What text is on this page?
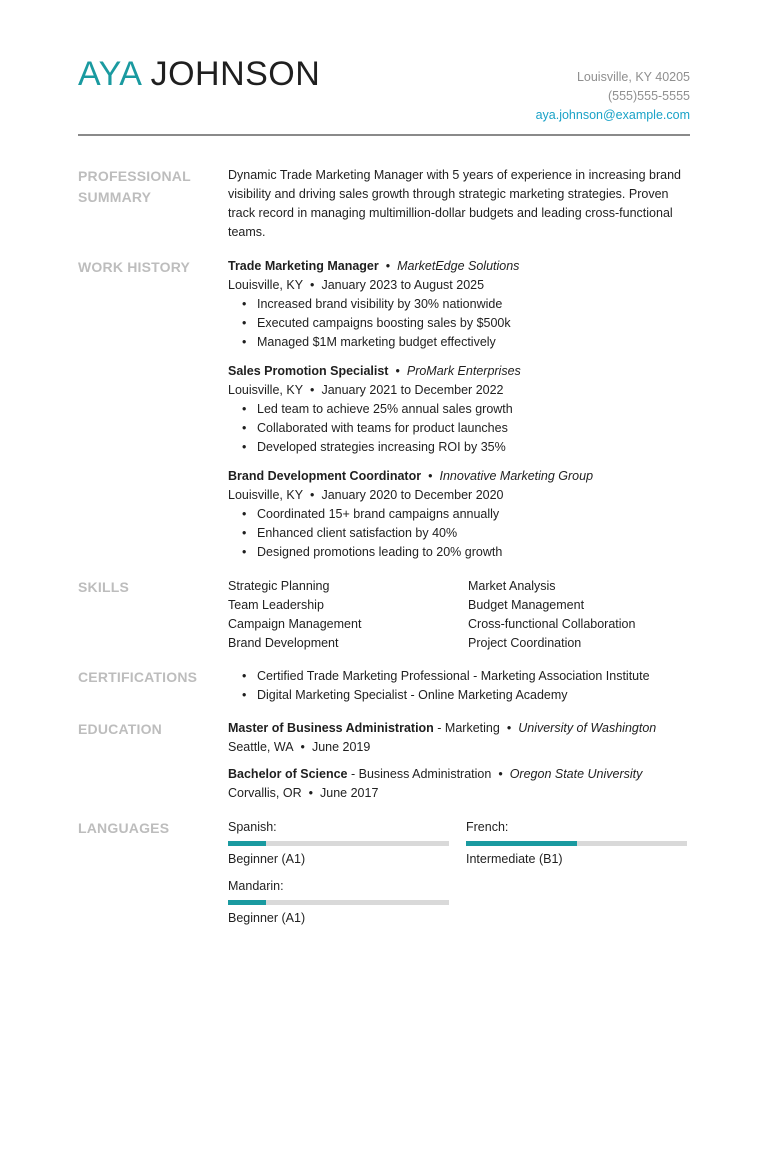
AYA JOHNSON	Louisville, KY 40205
(555)555-5555
aya.johnson@example.com
PROFESSIONAL SUMMARY
Dynamic Trade Marketing Manager with 5 years of experience in increasing brand visibility and driving sales growth through strategic marketing strategies. Proven track record in managing multimillion-dollar budgets and leading cross-functional teams.
WORK HISTORY	Trade Marketing Manager • MarketEdge Solutions
Louisville, KY • January 2023 to August 2025
• Increased brand visibility by 30% nationwide
• Executed campaigns boosting sales by $500k
• Managed $1M marketing budget effectively
Sales Promotion Specialist • ProMark Enterprises
Louisville, KY • January 2021 to December 2022
• Led team to achieve 25% annual sales growth
• Collaborated with teams for product launches
• Developed strategies increasing ROI by 35%
Brand Development Coordinator • Innovative Marketing Group
Louisville, KY • January 2020 to December 2020
• Coordinated 15+ brand campaigns annually
• Enhanced client satisfaction by 40%
• Designed promotions leading to 20% growth
SKILLS	Strategic Planning	Market Analysis
Team Leadership	Budget Management
Campaign Management	Cross-functional Collaboration
Brand Development	Project Coordination
CERTIFICATIONS
•	Certified Trade Marketing Professional - Marketing Association Institute
• Digital Marketing Specialist - Online Marketing Academy
EDUCATION	Master of Business Administration - Marketing • University of Washington
Seattle, WA • June 2019
Bachelor of Science - Business Administration • Oregon State University
Corvallis, OR • June 2017
LANGUAGES	Spanish:
Beginner (A1)
French:
Intermediate (B1)
Mandarin:
Beginner (A1)
